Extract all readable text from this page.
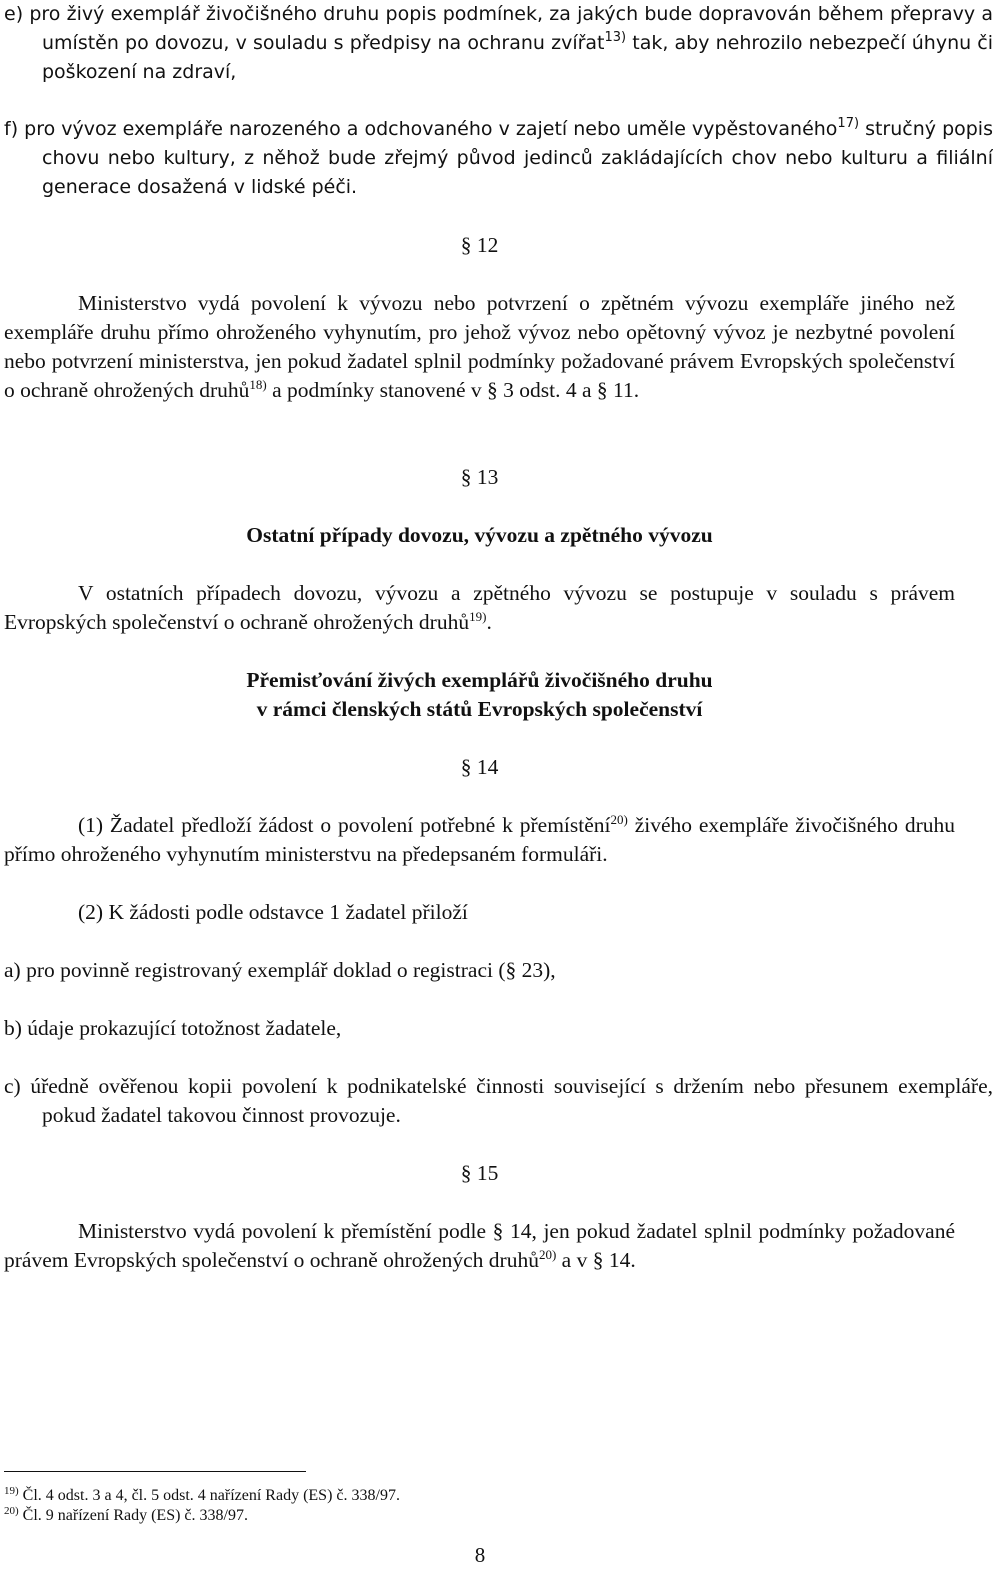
e) pro živý exemplář živočišného druhu popis podmínek, za jakých bude dopravován během přepravy a umístěn po dovozu, v souladu s předpisy na ochranu zvířat$^{13)}$ tak, aby nehrozilo nebezpečí úhynu či poškození na zdraví,
f) pro vývoz exempláře narozeného a odchovaného v zajetí nebo uměle vypěstovaného$^{17)}$ stručný popis chovu nebo kultury, z něhož bude zřejmý původ jedinců zakládajících chov nebo kulturu a filiální generace dosažená v lidské péči.
§ 12
Ministerstvo vydá povolení k vývozu nebo potvrzení o zpětném vývozu exempláře jiného než exempláře druhu přímo ohroženého vyhynutím, pro jehož vývoz nebo opětovný vývoz je nezbytné povolení nebo potvrzení ministerstva, jen pokud žadatel splnil podmínky požadované právem Evropských společenství o ochraně ohrožených druhů$^{18)}$ a podmínky stanovené v § 3 odst. 4 a § 11.
§ 13
Ostatní případy dovozu, vývozu a zpětného vývozu
V ostatních případech dovozu, vývozu a zpětného vývozu se postupuje v souladu s právem Evropských společenství o ochraně ohrožených druhů$^{19)}$.
Přemisťování živých exemplářů živočišného druhu
v rámci členských států Evropských společenství
§ 14
(1) Žadatel předloží žádost o povolení potřebné k přemístění$^{20)}$ živého exempláře živočišného druhu přímo ohroženého vyhynutím ministerstvu na předepsaném formuláři.
(2) K žádosti podle odstavce 1 žadatel přiloží
a) pro povinně registrovaný exemplář doklad o registraci (§ 23),
b) údaje prokazující totožnost žadatele,
c) úředně ověřenou kopii povolení k podnikatelské činnosti související s držením nebo přesunem exempláře, pokud žadatel takovou činnost provozuje.
§ 15
Ministerstvo vydá povolení k přemístění podle § 14, jen pokud žadatel splnil podmínky požadované právem Evropských společenství o ochraně ohrožených druhů$^{20)}$ a v § 14.
$^{19)}$ Čl. 4 odst. 3 a 4, čl. 5 odst. 4 nařízení Rady (ES) č. 338/97.
$^{20)}$ Čl. 9 nařízení Rady (ES) č. 338/97.
8
